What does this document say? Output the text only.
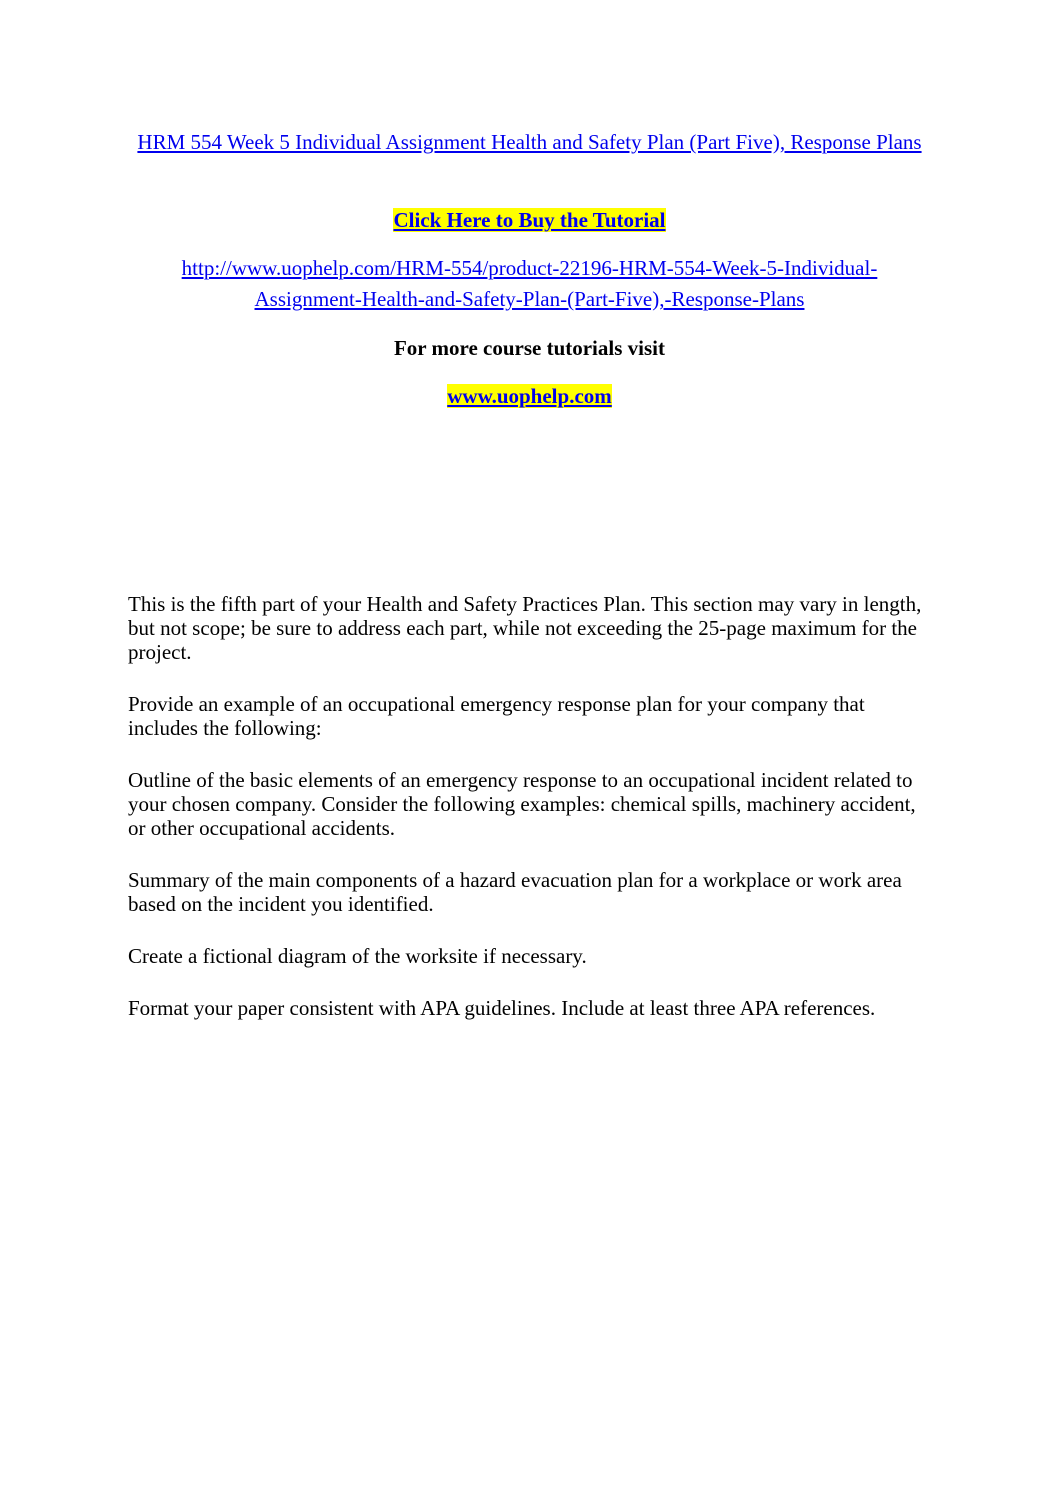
HRM 554 Week 5 Individual Assignment Health and Safety Plan (Part Five), Response Plans
Click Here to Buy the Tutorial
http://www.uophelp.com/HRM-554/product-22196-HRM-554-Week-5-Individual-
Assignment-Health-and-Safety-Plan-(Part-Five),-Response-Plans
For more course tutorials visit
www.uophelp.com

This is the fifth part of your Health and Safety Practices Plan. This section may vary in length, but not scope; be sure to address each part, while not exceeding the 25-page maximum for the project.

Provide an example of an occupational emergency response plan for your company that includes the following:

Outline of the basic elements of an emergency response to an occupational incident related to your chosen company. Consider the following examples: chemical spills, machinery accident, or other occupational accidents.

Summary of the main components of a hazard evacuation plan for a workplace or work area based on the incident you identified.

Create a fictional diagram of the worksite if necessary.

Format your paper consistent with APA guidelines. Include at least three APA references.
